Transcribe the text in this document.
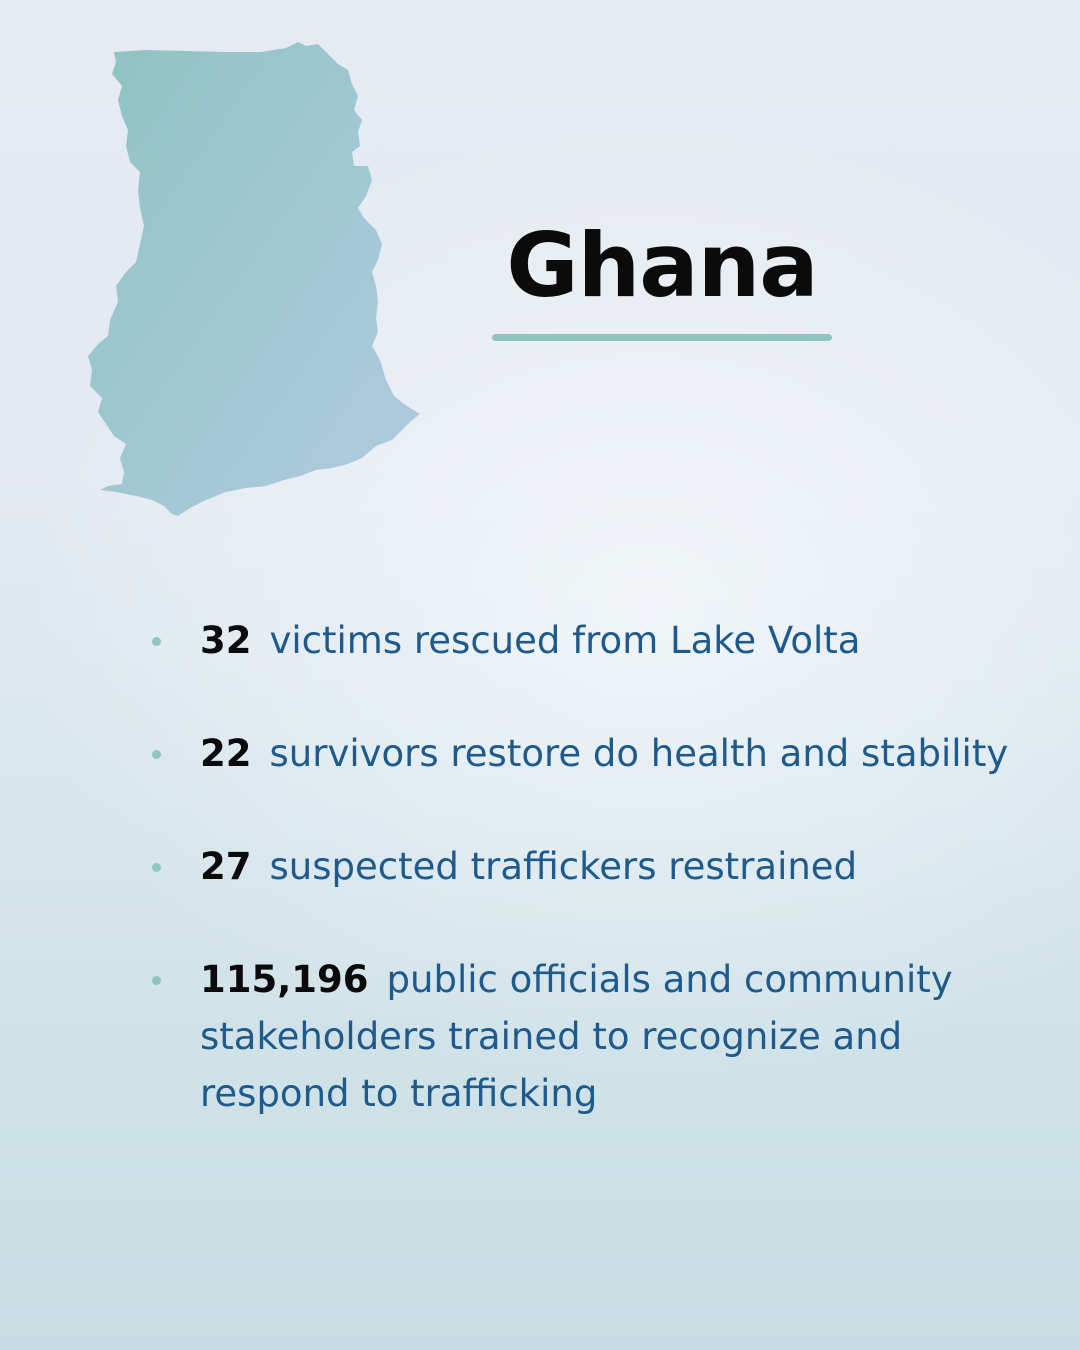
Ghana
32 victims rescued from Lake Volta
22 survivors restore do health and stability
27 suspected traffickers restrained
115,196 public officials and community stakeholders trained to recognize and respond to trafficking
